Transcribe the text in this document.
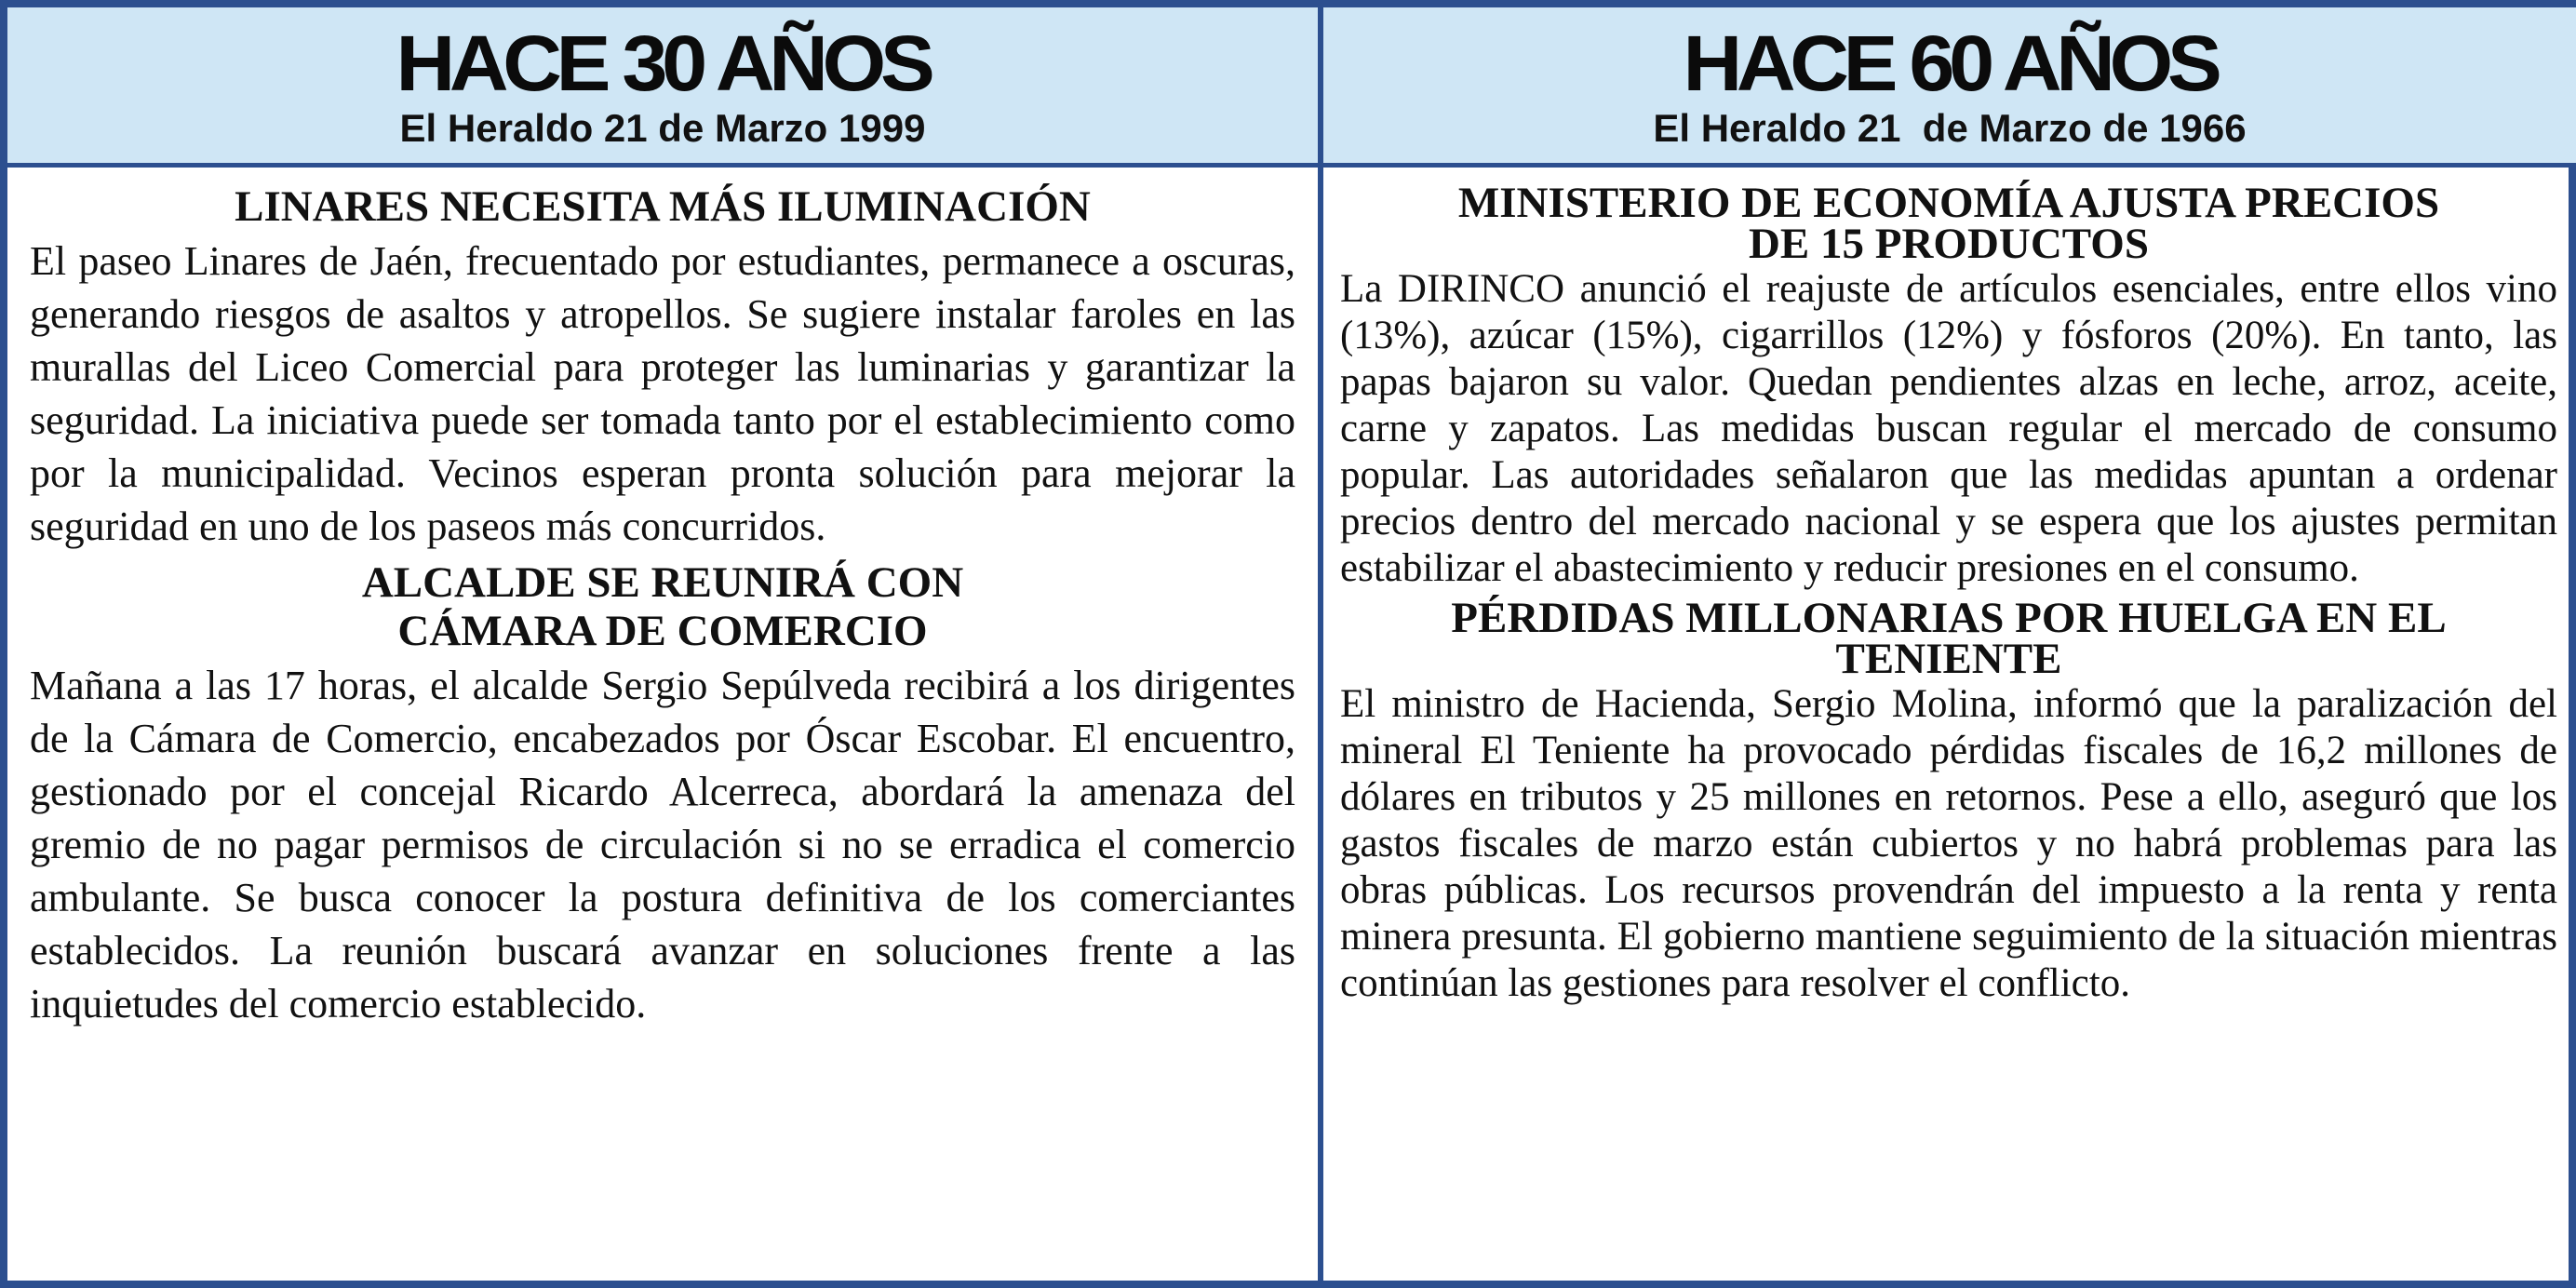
HACE 30 AÑOS
El Heraldo 21 de Marzo 1999
LINARES NECESITA MÁS ILUMINACIÓN

El paseo Linares de Jaén, frecuentado por estudiantes, permanece a oscuras, generando riesgos de asaltos y atropellos. Se sugiere instalar faroles en las murallas del Liceo Comercial para proteger las luminarias y garantizar la seguridad. La iniciativa puede ser tomada tanto por el establecimiento como por la municipalidad. Vecinos esperan pronta solución para mejorar la seguridad en uno de los paseos más concurridos.

ALCALDE SE REUNIRÁ CON
CÁMARA DE COMERCIO

Mañana a las 17 horas, el alcalde Sergio Sepúlveda recibirá a los dirigentes de la Cámara de Comercio, encabezados por Óscar Escobar. El encuentro, gestionado por el concejal Ricardo Alcerreca, abordará la amenaza del gremio de no pagar permisos de circulación si no se erradica el comercio ambulante. Se busca conocer la postura definitiva de los comerciantes establecidos. La reunión buscará avanzar en soluciones frente a las inquietudes del comercio establecido.

HACE 60 AÑOS
El Heraldo 21  de Marzo de 1966
MINISTERIO DE ECONOMÍA AJUSTA PRECIOS
DE 15 PRODUCTOS

La DIRINCO anunció el reajuste de artículos esenciales, entre ellos vino (13%), azúcar (15%), cigarrillos (12%) y fósforos (20%). En tanto, las papas bajaron su valor. Quedan pendientes alzas en leche, arroz, aceite, carne y zapatos. Las medidas buscan regular el mercado de consumo popular. Las autoridades señalaron que las medidas apuntan a ordenar precios dentro del mercado nacional y se espera que los ajustes permitan estabilizar el abastecimiento y reducir presiones en el consumo.

PÉRDIDAS MILLONARIAS POR HUELGA EN EL
TENIENTE

El ministro de Hacienda, Sergio Molina, informó que la paralización del mineral El Teniente ha provocado pérdidas fiscales de 16,2 millones de dólares en tributos y 25 millones en retornos. Pese a ello, aseguró que los gastos fiscales de marzo están cubiertos y no habrá problemas para las obras públicas. Los recursos provendrán del impuesto a la renta y renta minera presunta. El gobierno mantiene seguimiento de la situación mientras continúan las gestiones para resolver el conflicto.
